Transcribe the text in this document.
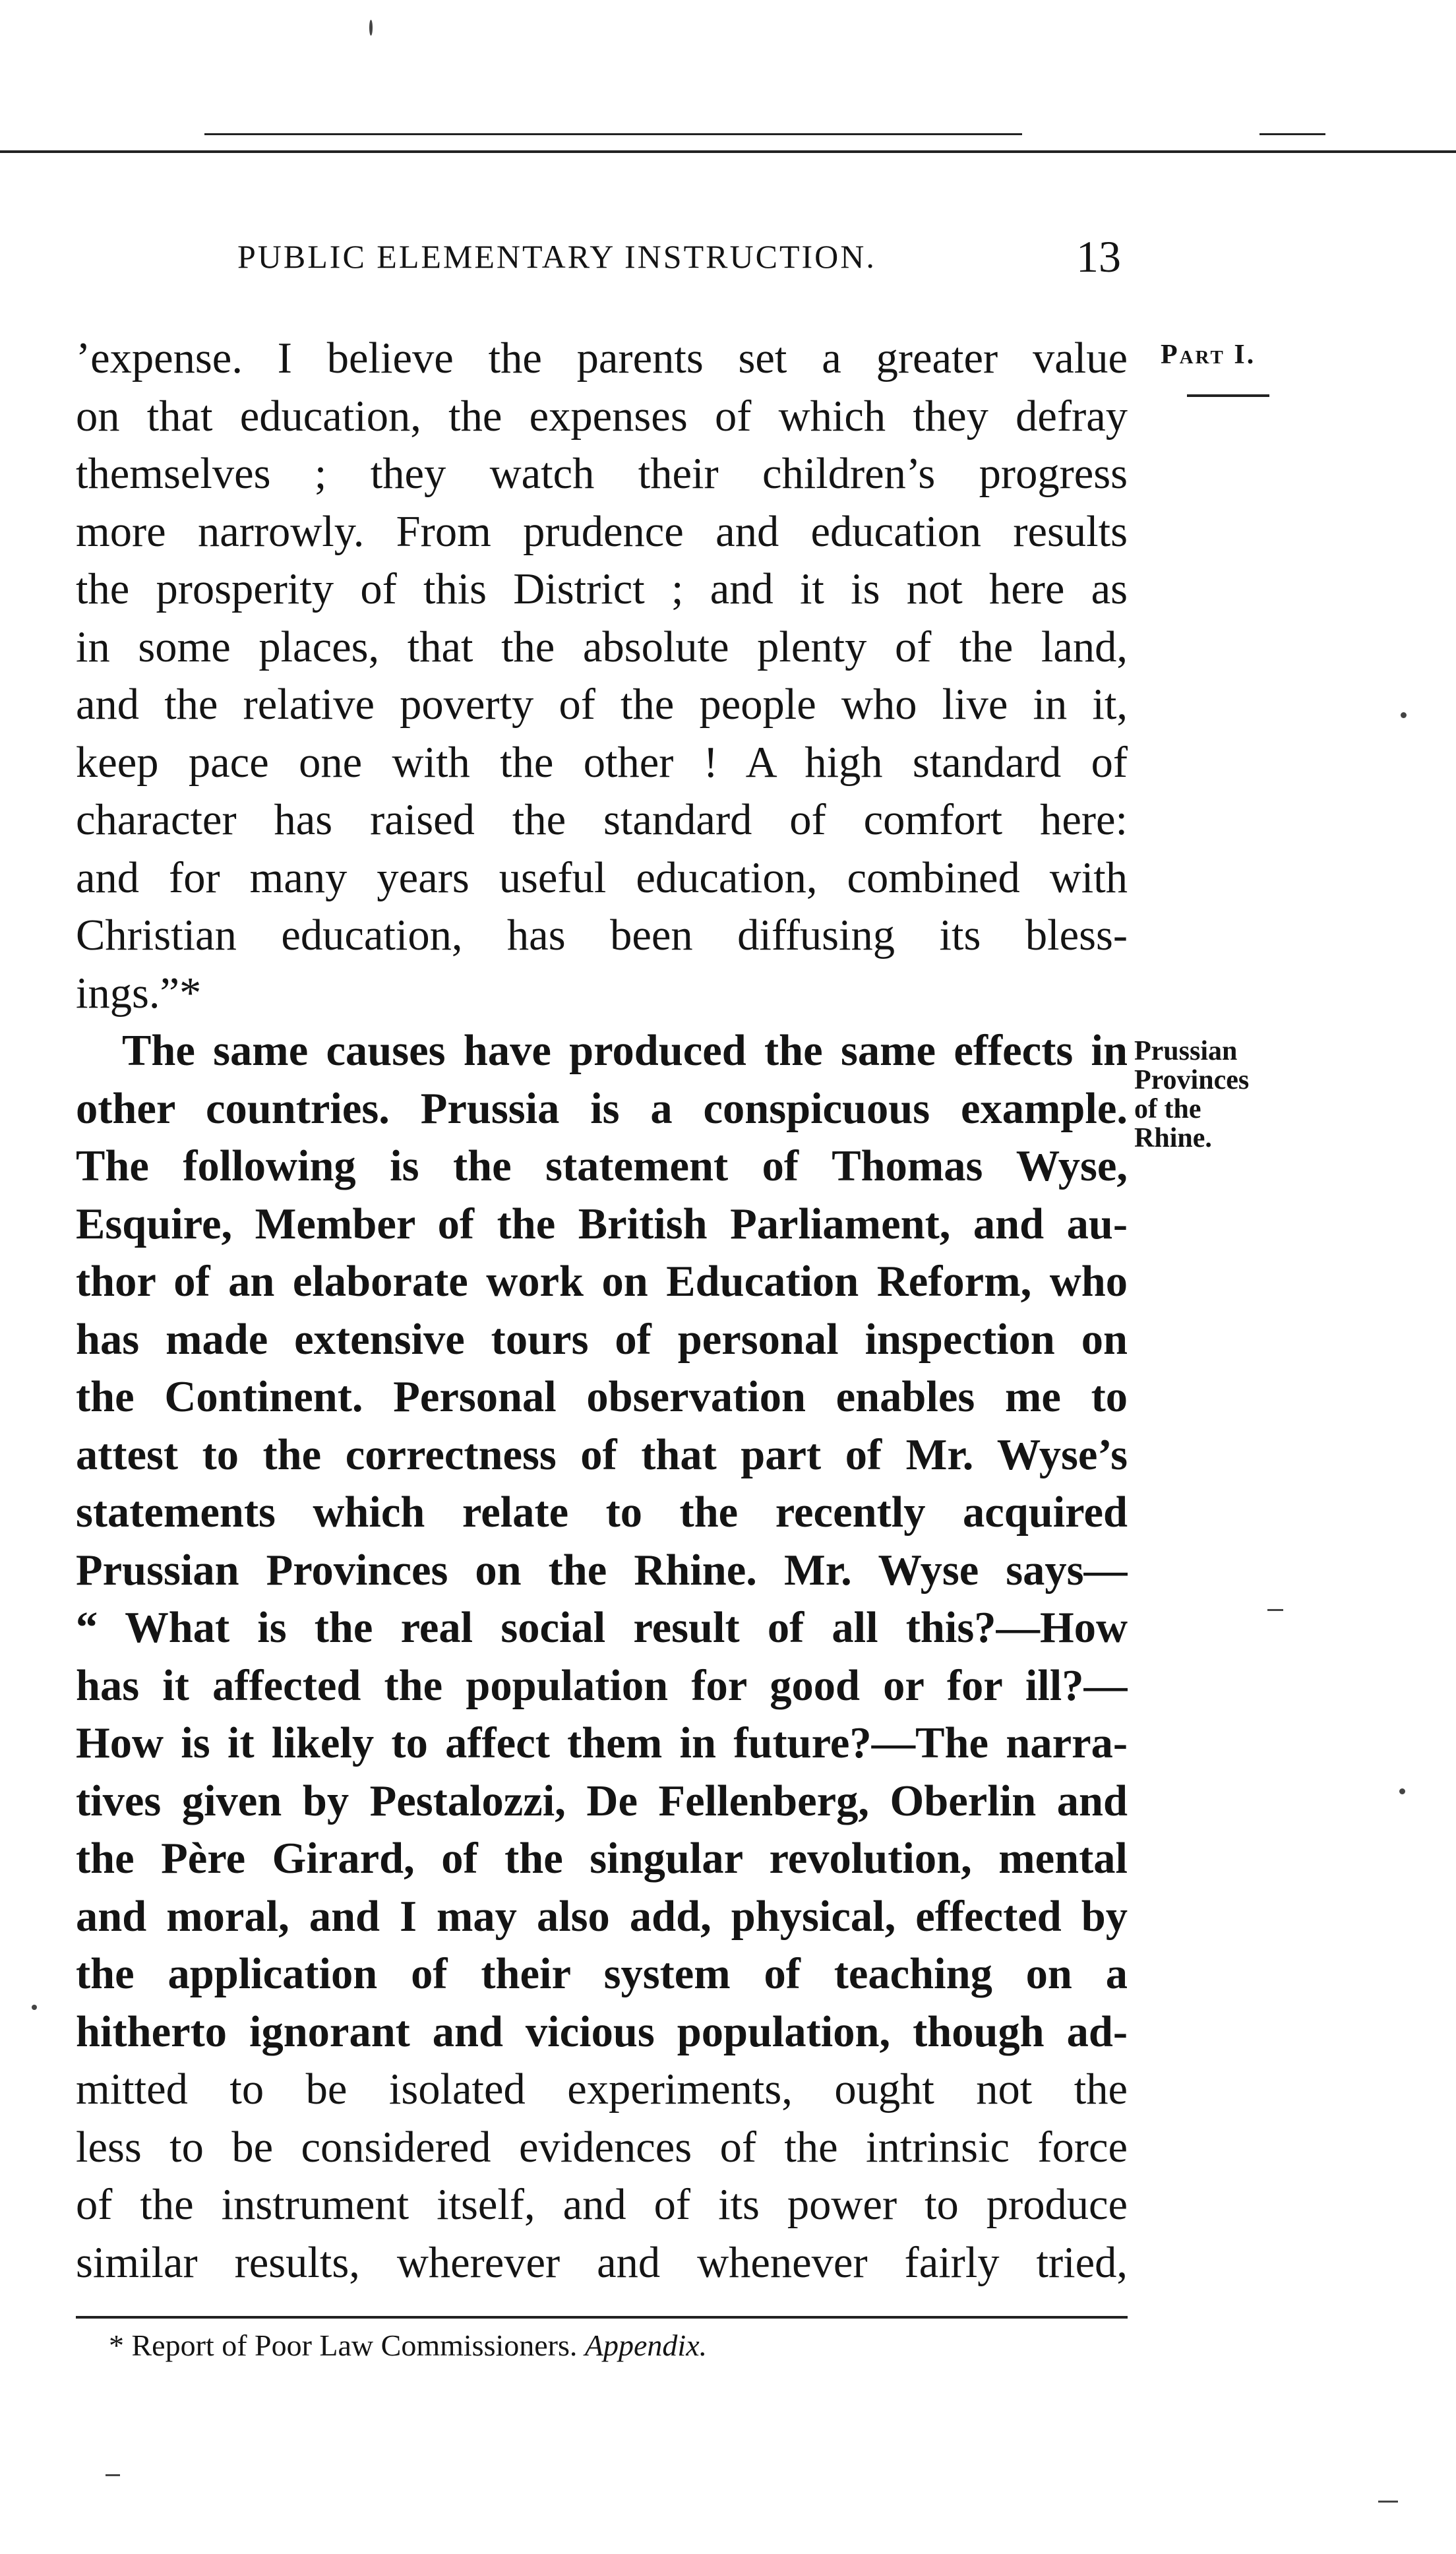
PUBLIC ELEMENTARY INSTRUCTION.	13
Part I.
Prussian
Provinces
of the
Rhine.
’expense. I believe the parents set a greater value
on that education, the expenses of which they defray
themselves ; they watch their children’s progress
more narrowly. From prudence and education results
the prosperity of this District ; and it is not here as
in some places, that the absolute plenty of the land,
and the relative poverty of the people who live in it,
keep pace one with the other ! A high standard of
character has raised the standard of comfort here:
and for many years useful education, combined with
Christian education, has been diffusing its bless-
ings.”*
The same causes have produced the same effects in
other countries. Prussia is a conspicuous example.
The following is the statement of Thomas Wyse,
Esquire, Member of the British Parliament, and au-
thor of an elaborate work on Education Reform, who
has made extensive tours of personal inspection on
the Continent. Personal observation enables me to
attest to the correctness of that part of Mr. Wyse’s
statements which relate to the recently acquired
Prussian Provinces on the Rhine. Mr. Wyse says—
“ What is the real social result of all this?—How
has it affected the population for good or for ill?—
How is it likely to affect them in future?—The narra-
tives given by Pestalozzi, De Fellenberg, Oberlin and
the Père Girard, of the singular revolution, mental
and moral, and I may also add, physical, effected by
the application of their system of teaching on a
hitherto ignorant and vicious population, though ad-
mitted to be isolated experiments, ought not the
less to be considered evidences of the intrinsic force
of the instrument itself, and of its power to produce
similar results, wherever and whenever fairly tried,
* Report of Poor Law Commissioners. Appendix.
